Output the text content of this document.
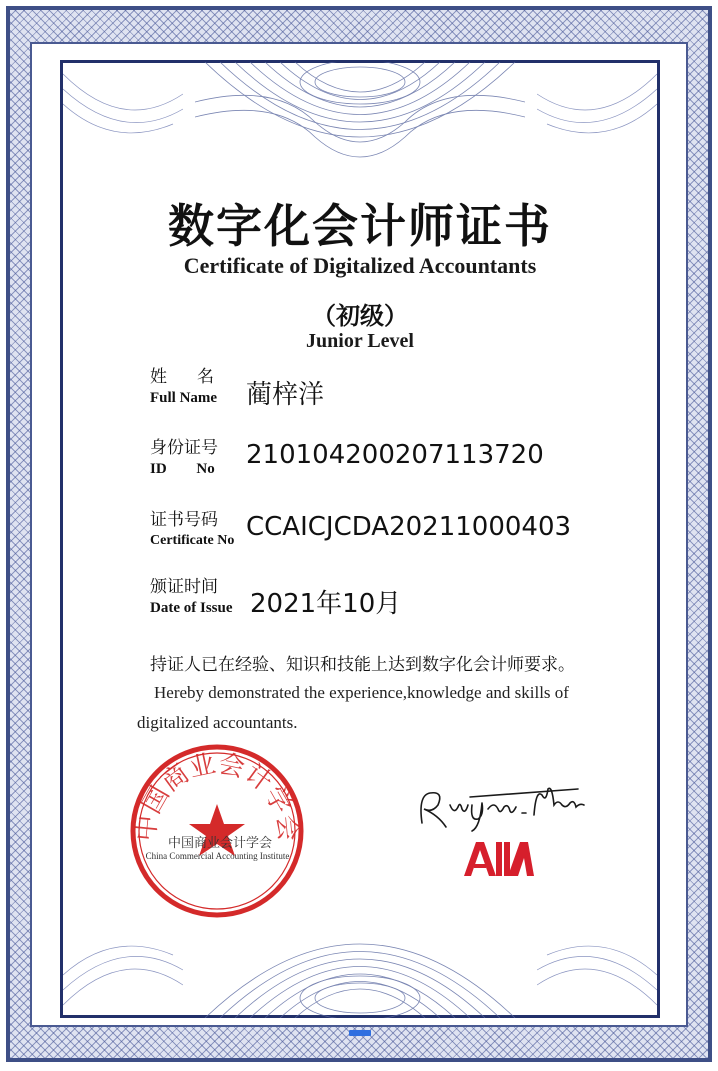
数字化会计师证书
Certificate of Digitalized Accountants
（初级）
Junior Level
姓名
Full Name	蔺梓洋
身份证号
ID No 210104200207113720
证书号码
Certificate No CCAICJCDA20211000403
颁证时间
Date of Issue 2021年10月
持证人已在经验、知识和技能上达到数字化会计师要求。
Hereby demonstrated the experience,knowledge and skills of
digitalized accountants.
中国商业会计学会
中国商业会计学会
China Commercial Accounting Institute
